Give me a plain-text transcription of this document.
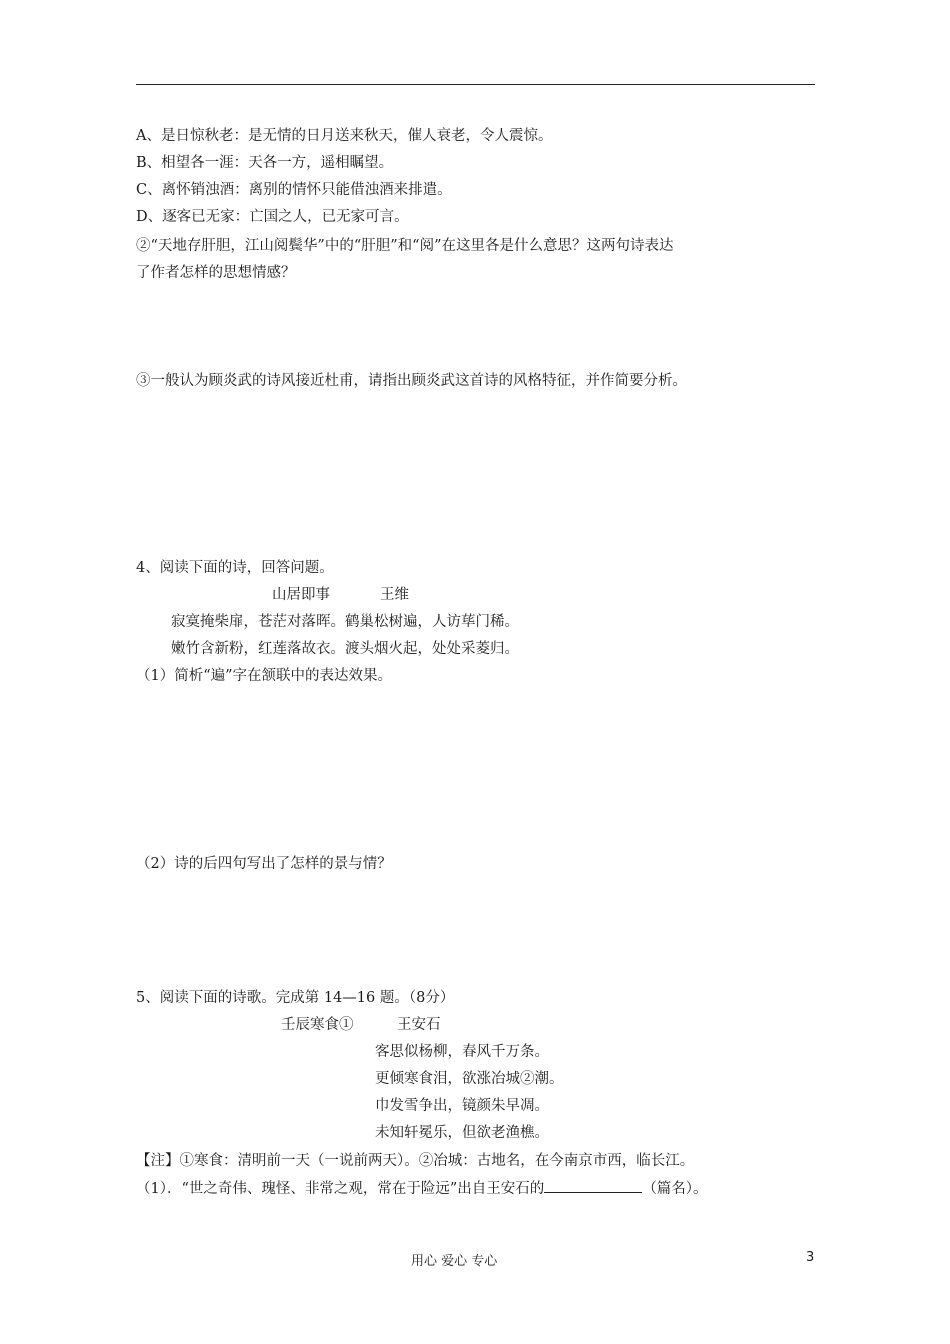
A、是日惊秋老：是无情的日月送来秋天，催人衰老，令人震惊。
B、相望各一涯：天各一方，遥相瞩望。
C、离怀销浊酒：离别的情怀只能借浊酒来排遣。
D、逐客已无家：亡国之人，已无家可言。
②“天地存肝胆，江山阅鬓华”中的“肝胆”和“阅”在这里各是什么意思？这两句诗表达
了作者怎样的思想情感？
③一般认为顾炎武的诗风接近杜甫，请指出顾炎武这首诗的风格特征，并作简要分析。
4、阅读下面的诗，回答问题。
山居即事	王维
寂寞掩柴扉，苍茫对落晖。鹤巢松树遍，人访荜门稀。
嫩竹含新粉，红莲落故衣。渡头烟火起，处处采菱归。
（1）简析“遍”字在颔联中的表达效果。
（2）诗的后四句写出了怎样的景与情？
5、阅读下面的诗歌。完成第 14—16 题。（8分）
壬辰寒食①	王安石
客思似杨柳，春风千万条。
更倾寒食泪，欲涨冶城②潮。
巾发雪争出，镜颜朱早凋。
未知轩冕乐，但欲老渔樵。
【注】①寒食：清明前一天（一说前两天）。②冶城：古地名，在今南京市西，临长江。
（1）．“世之奇伟、瑰怪、非常之观，常在于险远”出自王安石的	（篇名）。
用心 爱心 专心	3
